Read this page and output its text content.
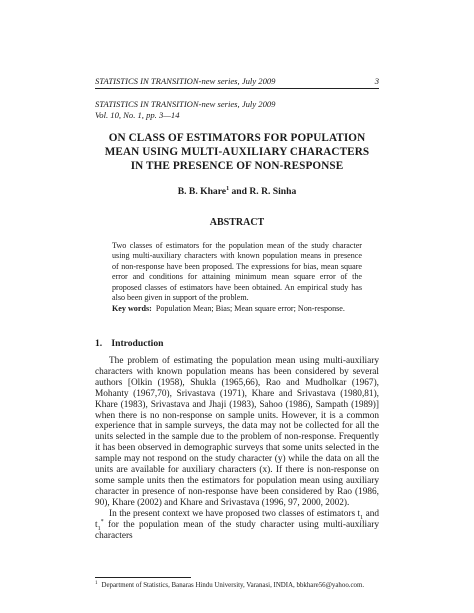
STATISTICS IN TRANSITION-new series, July 2009	3
STATISTICS IN TRANSITION-new series, July 2009
Vol. 10, No. 1, pp. 3—14
ON CLASS OF ESTIMATORS FOR POPULATION
MEAN USING MULTI-AUXILIARY CHARACTERS
IN THE PRESENCE OF NON-RESPONSE
B. B. Khare$^1$ and R. R. Sinha
ABSTRACT
Two classes of estimators for the population mean of the study character using multi-auxiliary characters with known population means in presence of non-response have been proposed. The expressions for bias, mean square error and conditions for attaining minimum mean square error of the proposed classes of estimators have been obtained. An empirical study has also been given in support of the problem.
Key words: Population Mean; Bias; Mean square error; Non-response.
1. Introduction

The problem of estimating the population mean using multi-auxiliary characters with known population means has been considered by several authors [Olkin (1958), Shukla (1965,66), Rao and Mudholkar (1967), Mohanty (1967,70), Srivastava (1971), Khare and Srivastava (1980,81), Khare (1983), Srivastava and Jhaji (1983), Sahoo (1986), Sampath (1989)] when there is no non-response on sample units. However, it is a common experience that in sample surveys, the data may not be collected for all the units selected in the sample due to the problem of non-response. Frequently it has been observed in demographic surveys that some units selected in the sample may not respond on the study character (y) while the data on all the units are available for auxiliary characters (x). If there is non-response on some sample units then the estimators for population mean using auxiliary character in presence of non-response have been considered by Rao (1986, 90), Khare (2002) and Khare and Srivastava (1996, 97, 2000, 2002).

In the present context we have proposed two classes of estimators $t_1$ and $t_1^*$ for the population mean of the study character using multi-auxiliary characters

$^1$ Department of Statistics, Banaras Hindu University, Varanasi, INDIA, bbkhare56@yahoo.com.
